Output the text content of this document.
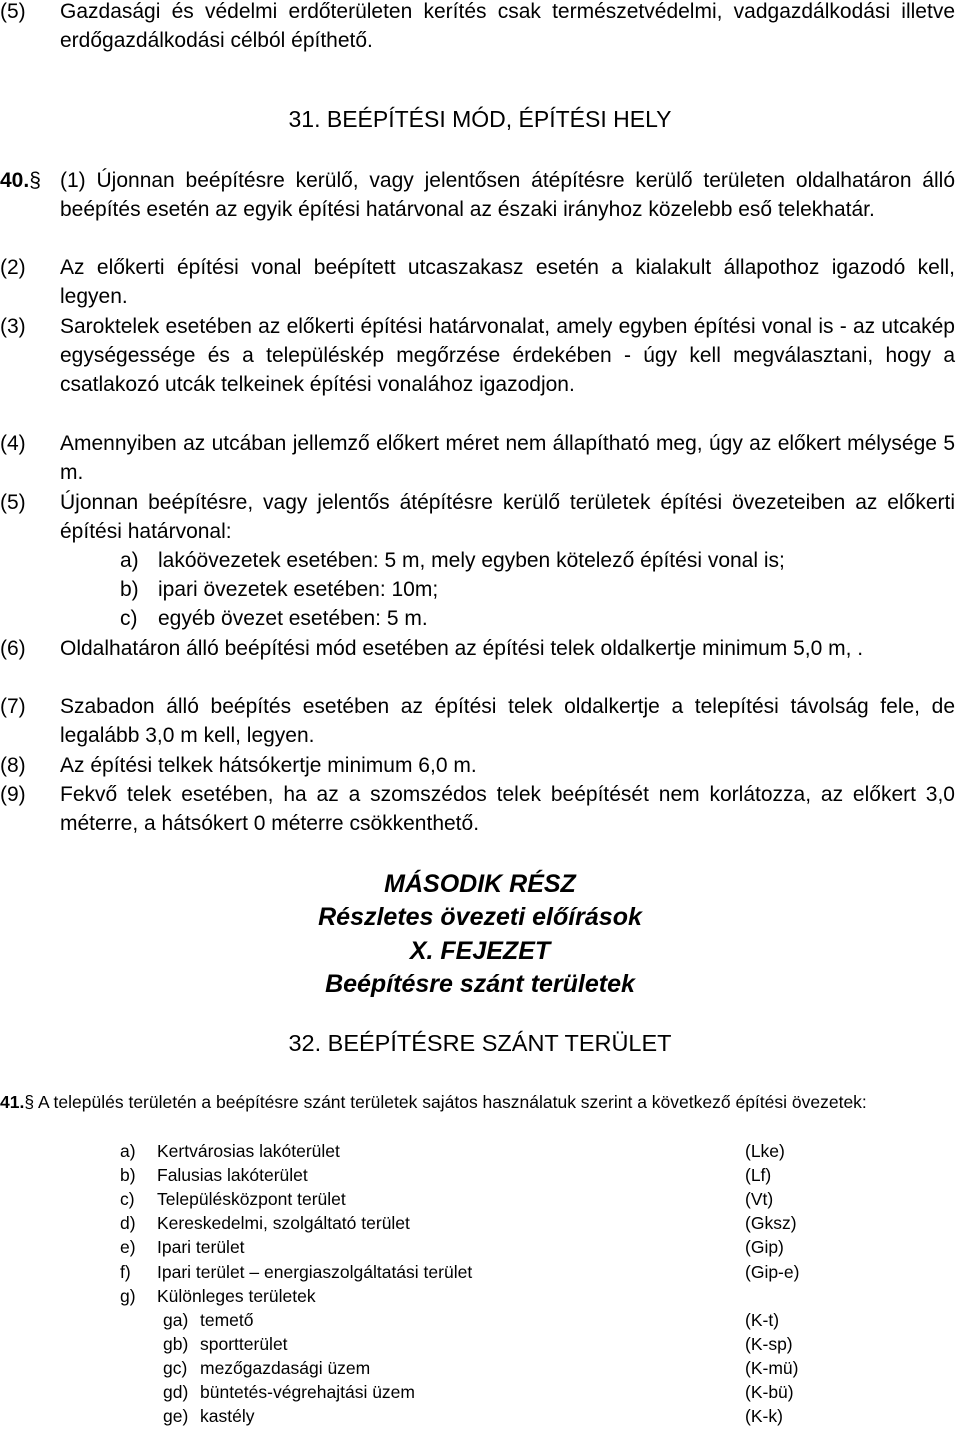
(5) Gazdasági és védelmi erdőterületen kerítés csak természetvédelmi, vadgazdálkodási illetve erdőgazdálkodási célból építhető.
31. BEÉPÍTÉSI MÓD, ÉPÍTÉSI HELY
40.§ (1) Újonnan beépítésre kerülő, vagy jelentősen átépítésre kerülő területen oldalhatáron álló beépítés esetén az egyik építési határvonal az északi irányhoz közelebb eső telekhatár.
(2) Az előkerti építési vonal beépített utcaszakasz esetén a kialakult állapothoz igazodó kell, legyen.
(3) Saroktelek esetében az előkerti építési határvonalat, amely egyben építési vonal is - az utcakép egységessége és a településkép megőrzése érdekében - úgy kell megválasztani, hogy a csatlakozó utcák telkeinek építési vonalához igazodjon.
(4) Amennyiben az utcában jellemző előkert méret nem állapítható meg, úgy az előkert mélysége 5 m.
(5) Újonnan beépítésre, vagy jelentős átépítésre kerülő területek építési övezeteiben az előkerti építési határvonal:
a) lakóövezetek esetében: 5 m, mely egyben kötelező építési vonal is;
b) ipari övezetek esetében: 10m;
c) egyéb övezet esetében: 5 m.
(6) Oldalhatáron álló beépítési mód esetében az építési telek oldalkertje minimum 5,0 m, .
(7) Szabadon álló beépítés esetében az építési telek oldalkertje a telepítési távolság fele, de legalább 3,0 m kell, legyen.
(8) Az építési telkek hátsókertje minimum 6,0 m.
(9) Fekvő telek esetében, ha az a szomszédos telek beépítését nem korlátozza, az előkert 3,0 méterre, a hátsókert 0 méterre csökkenthető.
MÁSODIK RÉSZ
Részletes övezeti előírások
X. FEJEZET
Beépítésre szánt területek
32. BEÉPÍTÉSRE SZÁNT TERÜLET
41.§ A település területén a beépítésre szánt területek sajátos használatuk szerint a következő építési övezetek:
a) Kertvárosias lakóterület	(Lke)
b) Falusias lakóterület	(Lf)
c) Településközpont terület	(Vt)
d) Kereskedelmi, szolgáltató terület	(Gksz)
e) Ipari terület	(Gip)
f) Ipari terület – energiaszolgáltatási terület	(Gip-e)
g) Különleges területek
ga) temető	(K-t)
gb) sportterület	(K-sp)
gc) mezőgazdasági üzem	(K-mü)
gd) büntetés-végrehajtási üzem	(K-bü)
ge) kastély	(K-k)
